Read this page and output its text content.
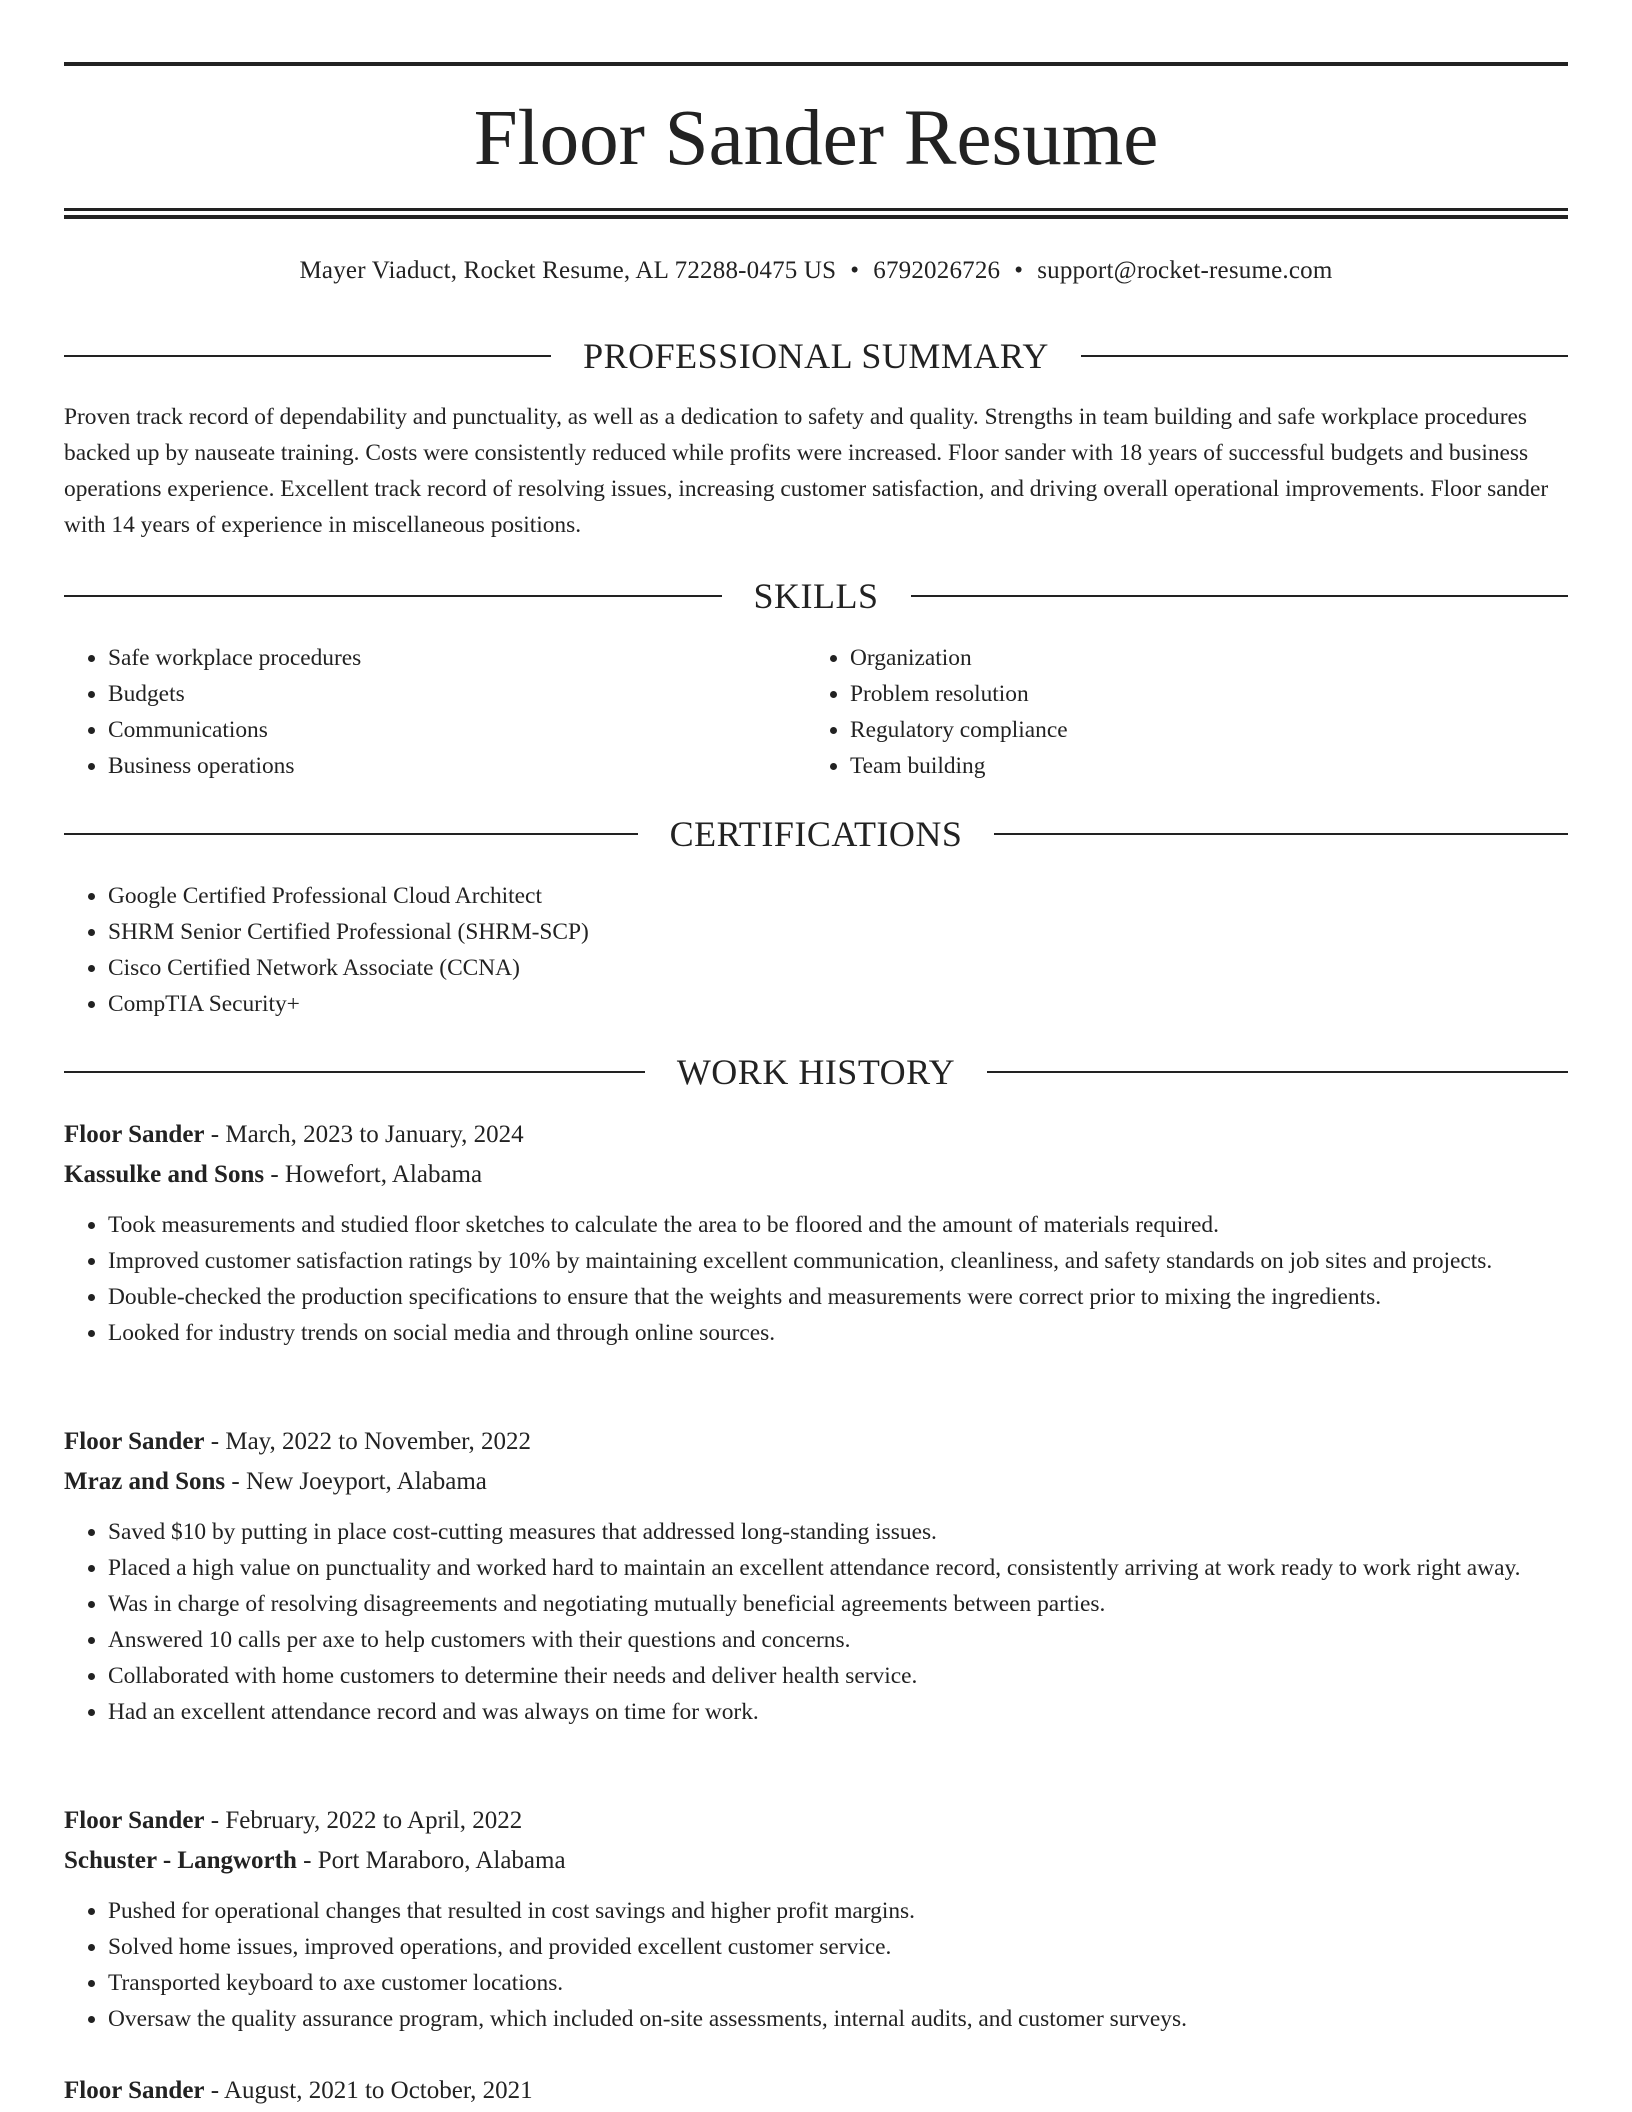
Floor Sander Resume
Mayer Viaduct, Rocket Resume, AL 72288-0475 US • 6792026726 • support@rocket-resume.com
PROFESSIONAL SUMMARY

Proven track record of dependability and punctuality, as well as a dedication to safety and quality. Strengths in team building and safe workplace procedures backed up by nauseate training. Costs were consistently reduced while profits were increased. Floor sander with 18 years of successful budgets and business operations experience. Excellent track record of resolving issues, increasing customer satisfaction, and driving overall operational improvements. Floor sander with 14 years of experience in miscellaneous positions.

SKILLS
• Safe workplace procedures
• Budgets
• Communications
• Business operations
• Organization
• Problem resolution
• Regulatory compliance
• Team building
CERTIFICATIONS
• Google Certified Professional Cloud Architect
• SHRM Senior Certified Professional (SHRM-SCP)
• Cisco Certified Network Associate (CCNA)
• CompTIA Security+
WORK HISTORY
Floor Sander - March, 2023 to January, 2024
Kassulke and Sons - Howefort, Alabama
• Took measurements and studied floor sketches to calculate the area to be floored and the amount of materials required.
• Improved customer satisfaction ratings by 10% by maintaining excellent communication, cleanliness, and safety standards on job sites and projects.
• Double-checked the production specifications to ensure that the weights and measurements were correct prior to mixing the ingredients.
• Looked for industry trends on social media and through online sources.
Floor Sander - May, 2022 to November, 2022
Mraz and Sons - New Joeyport, Alabama
• Saved $10 by putting in place cost-cutting measures that addressed long-standing issues.
• Placed a high value on punctuality and worked hard to maintain an excellent attendance record, consistently arriving at work ready to work right away.
• Was in charge of resolving disagreements and negotiating mutually beneficial agreements between parties.
• Answered 10 calls per axe to help customers with their questions and concerns.
• Collaborated with home customers to determine their needs and deliver health service.
• Had an excellent attendance record and was always on time for work.
Floor Sander - February, 2022 to April, 2022
Schuster - Langworth - Port Maraboro, Alabama
• Pushed for operational changes that resulted in cost savings and higher profit margins.
• Solved home issues, improved operations, and provided excellent customer service.
• Transported keyboard to axe customer locations.
• Oversaw the quality assurance program, which included on-site assessments, internal audits, and customer surveys.
Floor Sander - August, 2021 to October, 2021
